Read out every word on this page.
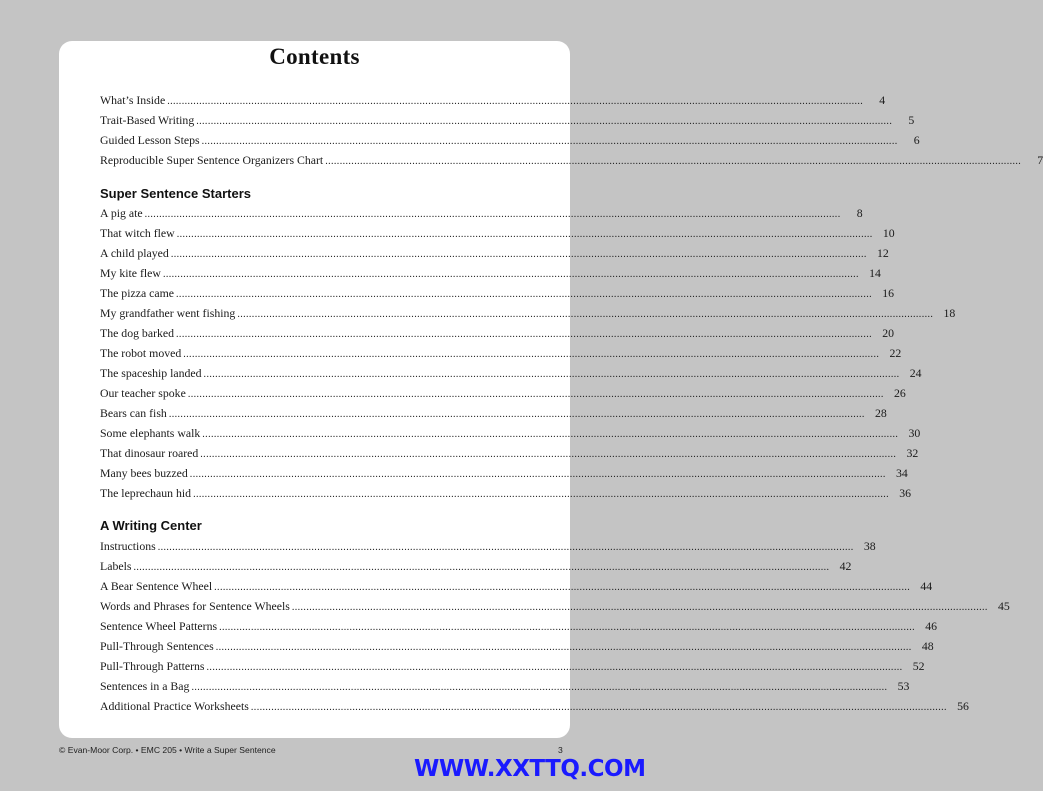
Contents
What’s Inside .....	4
Trait-Based Writing .....	5
Guided Lesson Steps .....	6
Reproducible Super Sentence Organizers Chart .....	7
Super Sentence Starters
A pig ate .....	8
That witch flew .....	10
A child played .....	12
My kite flew .....	14
The pizza came .....	16
My grandfather went fishing .....	18
The dog barked .....	20
The robot moved .....	22
The spaceship landed .....	24
Our teacher spoke .....	26
Bears can fish .....	28
Some elephants walk .....	30
That dinosaur roared .....	32
Many bees buzzed .....	34
The leprechaun hid .....	36
A Writing Center
Instructions .....	38
Labels .....	42
A Bear Sentence Wheel .....	44
Words and Phrases for Sentence Wheels .....	45
Sentence Wheel Patterns .....	46
Pull-Through Sentences .....	48
Pull-Through Patterns .....	52
Sentences in a Bag .....	53
Additional Practice Worksheets .....	56
© Evan-Moor Corp. • EMC 205 • Write a Super Sentence	3
WWW.XXTTQ.COM
